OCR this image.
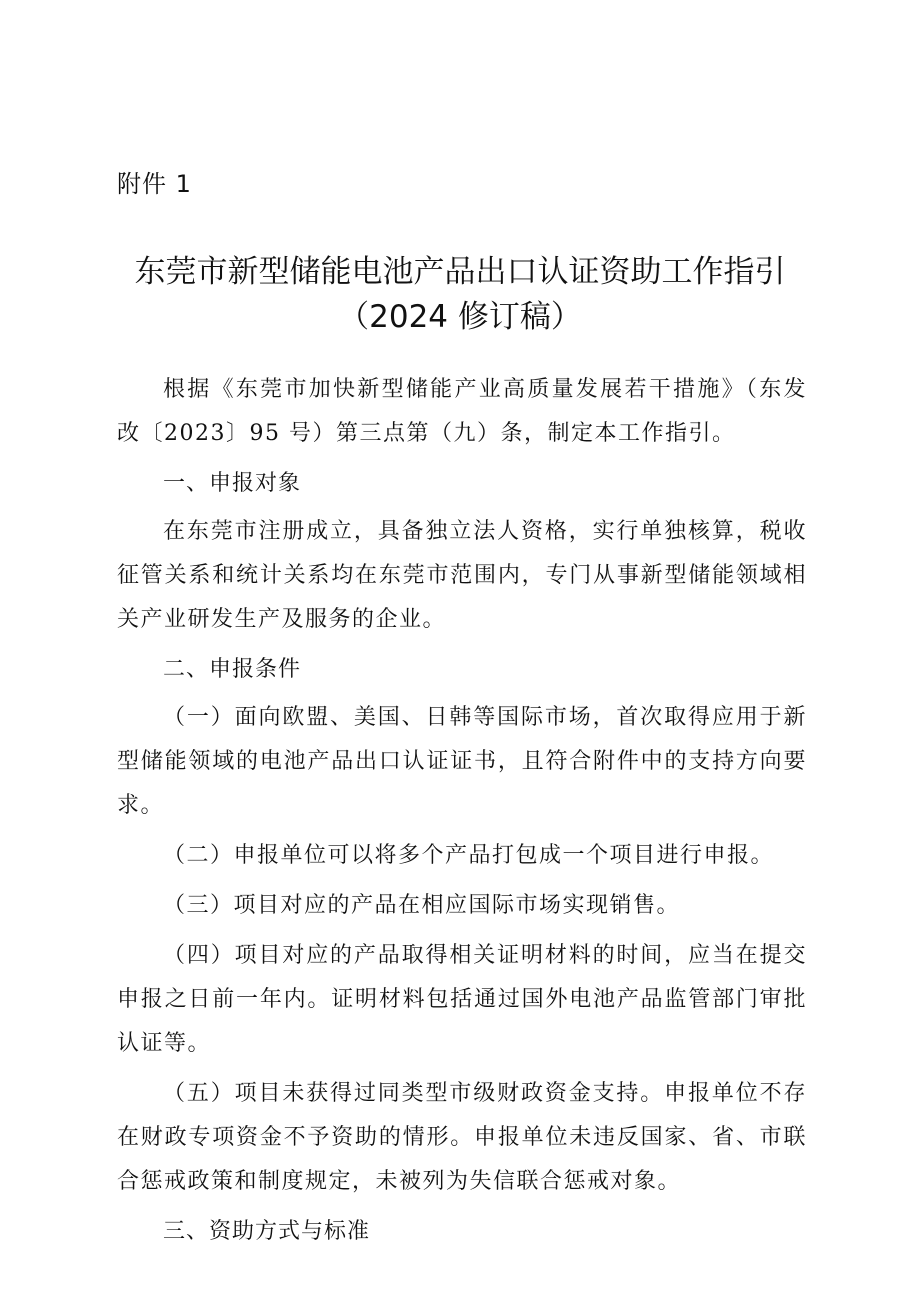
附件 1
东莞市新型储能电池产品出口认证资助工作指引
（2024 修订稿）

根据《东莞市加快新型储能产业高质量发展若干措施》（东发改〔2023〕95 号）第三点第（九）条，制定本工作指引。

一、申报对象

在东莞市注册成立，具备独立法人资格，实行单独核算，税收征管关系和统计关系均在东莞市范围内，专门从事新型储能领域相关产业研发生产及服务的企业。

二、申报条件

（一）面向欧盟、美国、日韩等国际市场，首次取得应用于新型储能领域的电池产品出口认证证书，且符合附件中的支持方向要求。

（二）申报单位可以将多个产品打包成一个项目进行申报。

（三）项目对应的产品在相应国际市场实现销售。

（四）项目对应的产品取得相关证明材料的时间，应当在提交申报之日前一年内。证明材料包括通过国外电池产品监管部门审批认证等。

（五）项目未获得过同类型市级财政资金支持。申报单位不存在财政专项资金不予资助的情形。申报单位未违反国家、省、市联合惩戒政策和制度规定，未被列为失信联合惩戒对象。

三、资助方式与标准
